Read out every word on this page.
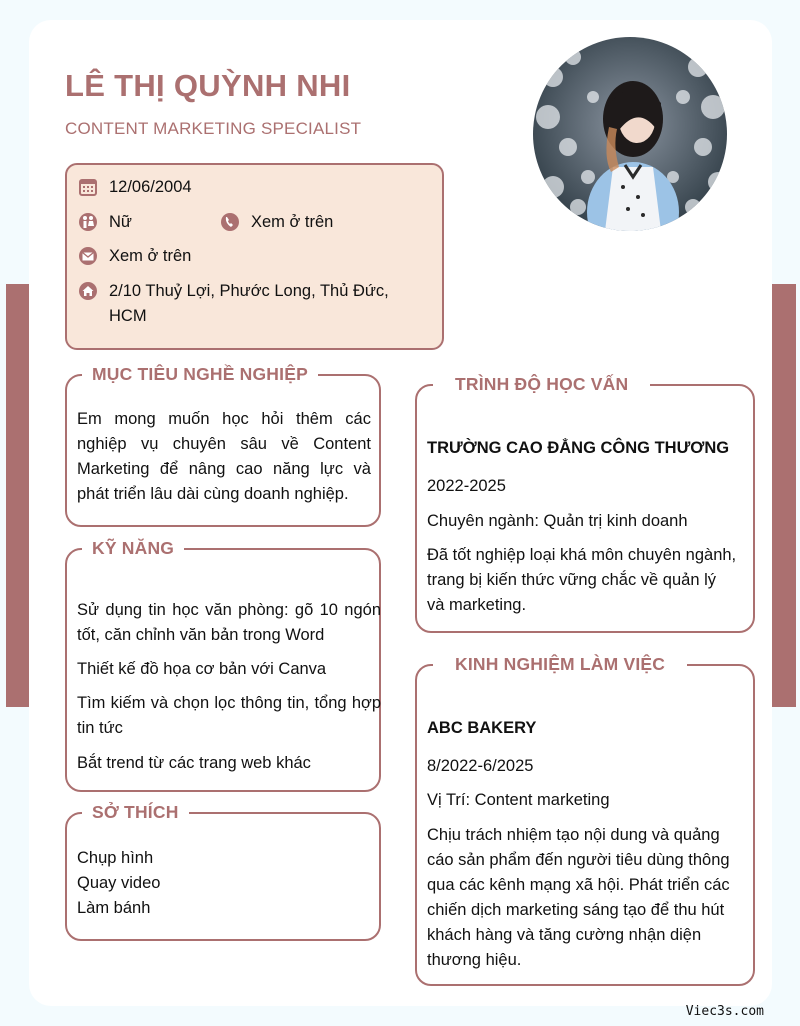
LÊ THỊ QUỲNH NHI
CONTENT MARKETING SPECIALIST
12/06/2004
Nữ	Xem ở trên
Xem ở trên
2/10 Thuỷ Lợi, Phước Long, Thủ Đức,
HCM
MỤC TIÊU NGHỀ NGHIỆP
Em mong muốn học hỏi thêm các nghiệp vụ chuyên sâu về Content Marketing để nâng cao năng lực và phát triển lâu dài cùng doanh nghiệp.
KỸ NĂNG
Sử dụng tin học văn phòng: gõ 10 ngón tốt, căn chỉnh văn bản trong Word
Thiết kế đồ họa cơ bản với Canva
Tìm kiếm và chọn lọc thông tin, tổng hợp tin tức
Bắt trend từ các trang web khác
SỞ THÍCH
Chụp hình
Quay video
Làm bánh
TRÌNH ĐỘ HỌC VẤN
TRƯỜNG CAO ĐẲNG CÔNG THƯƠNG
2022-2025
Chuyên ngành: Quản trị kinh doanh
Đã tốt nghiệp loại khá môn chuyên ngành, trang bị kiến thức vững chắc về quản lý và marketing.
KINH NGHIỆM LÀM VIỆC
ABC BAKERY
8/2022-6/2025
Vị Trí: Content marketing
Chịu trách nhiệm tạo nội dung và quảng cáo sản phẩm đến người tiêu dùng thông qua các kênh mạng xã hội. Phát triển các chiến dịch marketing sáng tạo để thu hút khách hàng và tăng cường nhận diện thương hiệu.
Viec3s.com
